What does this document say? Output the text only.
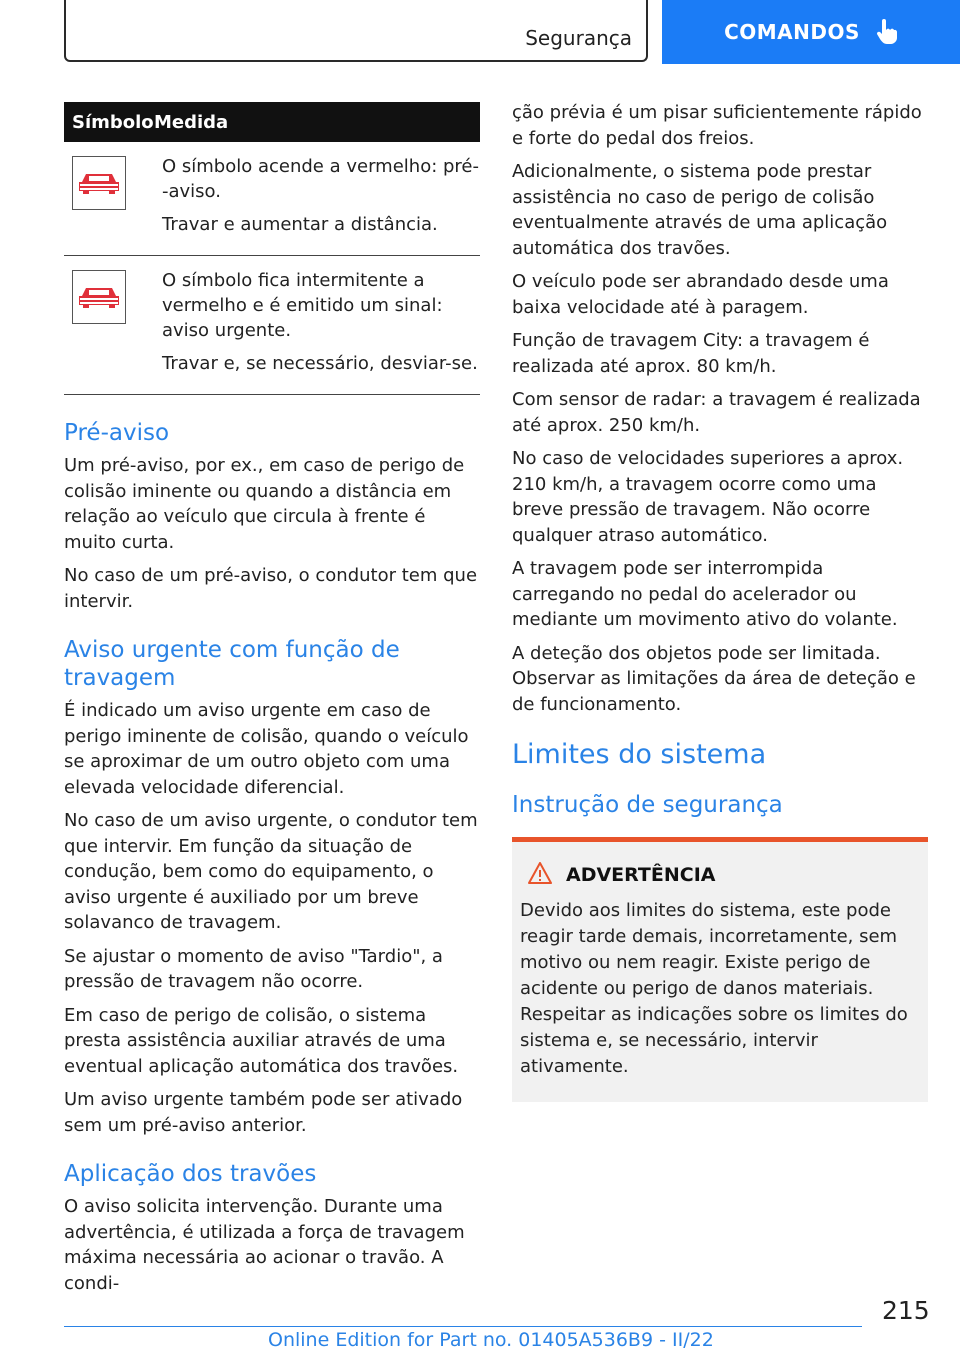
Segurança	COMANDOS
Símbolo Medida

O símbolo acende a vermelho: pré--aviso.

Travar e aumentar a distância.

O símbolo fica intermitente a vermelho e é emitido um sinal: aviso urgente.

Travar e, se necessário, desviar-se.

Pré-aviso

Um pré-aviso, por ex., em caso de perigo de colisão iminente ou quando a distância em relação ao veículo que circula à frente é muito curta.

No caso de um pré-aviso, o condutor tem que intervir.

Aviso urgente com função de travagem

É indicado um aviso urgente em caso de perigo iminente de colisão, quando o veículo se aproximar de um outro objeto com uma elevada velocidade diferencial.

No caso de um aviso urgente, o condutor tem que intervir. Em função da situação de condução, bem como do equipamento, o aviso urgente é auxiliado por um breve solavanco de travagem.

Se ajustar o momento de aviso "Tardio", a pressão de travagem não ocorre.

Em caso de perigo de colisão, o sistema presta assistência auxiliar através de uma eventual aplicação automática dos travões.

Um aviso urgente também pode ser ativado sem um pré-aviso anterior.

Aplicação dos travões

O aviso solicita intervenção. Durante uma advertência, é utilizada a força de travagem máxima necessária ao acionar o travão. A condi-

ção prévia é um pisar suficientemente rápido e forte do pedal dos freios.

Adicionalmente, o sistema pode prestar assistência no caso de perigo de colisão eventualmente através de uma aplicação automática dos travões.

O veículo pode ser abrandado desde uma baixa velocidade até à paragem.

Função de travagem City: a travagem é realizada até aprox. 80 km/h.

Com sensor de radar: a travagem é realizada até aprox. 250 km/h.

No caso de velocidades superiores a aprox. 210 km/h, a travagem ocorre como uma breve pressão de travagem. Não ocorre qualquer atraso automático.

A travagem pode ser interrompida carregando no pedal do acelerador ou mediante um movimento ativo do volante.

A deteção dos objetos pode ser limitada. Observar as limitações da área de deteção e de funcionamento.

Limites do sistema
Instrução de segurança
ADVERTÊNCIA

Devido aos limites do sistema, este pode reagir tarde demais, incorretamente, sem motivo ou nem reagir. Existe perigo de acidente ou perigo de danos materiais. Respeitar as indicações sobre os limites do sistema e, se necessário, intervir ativamente.

215
Online Edition for Part no. 01405A536B9 - II/22
